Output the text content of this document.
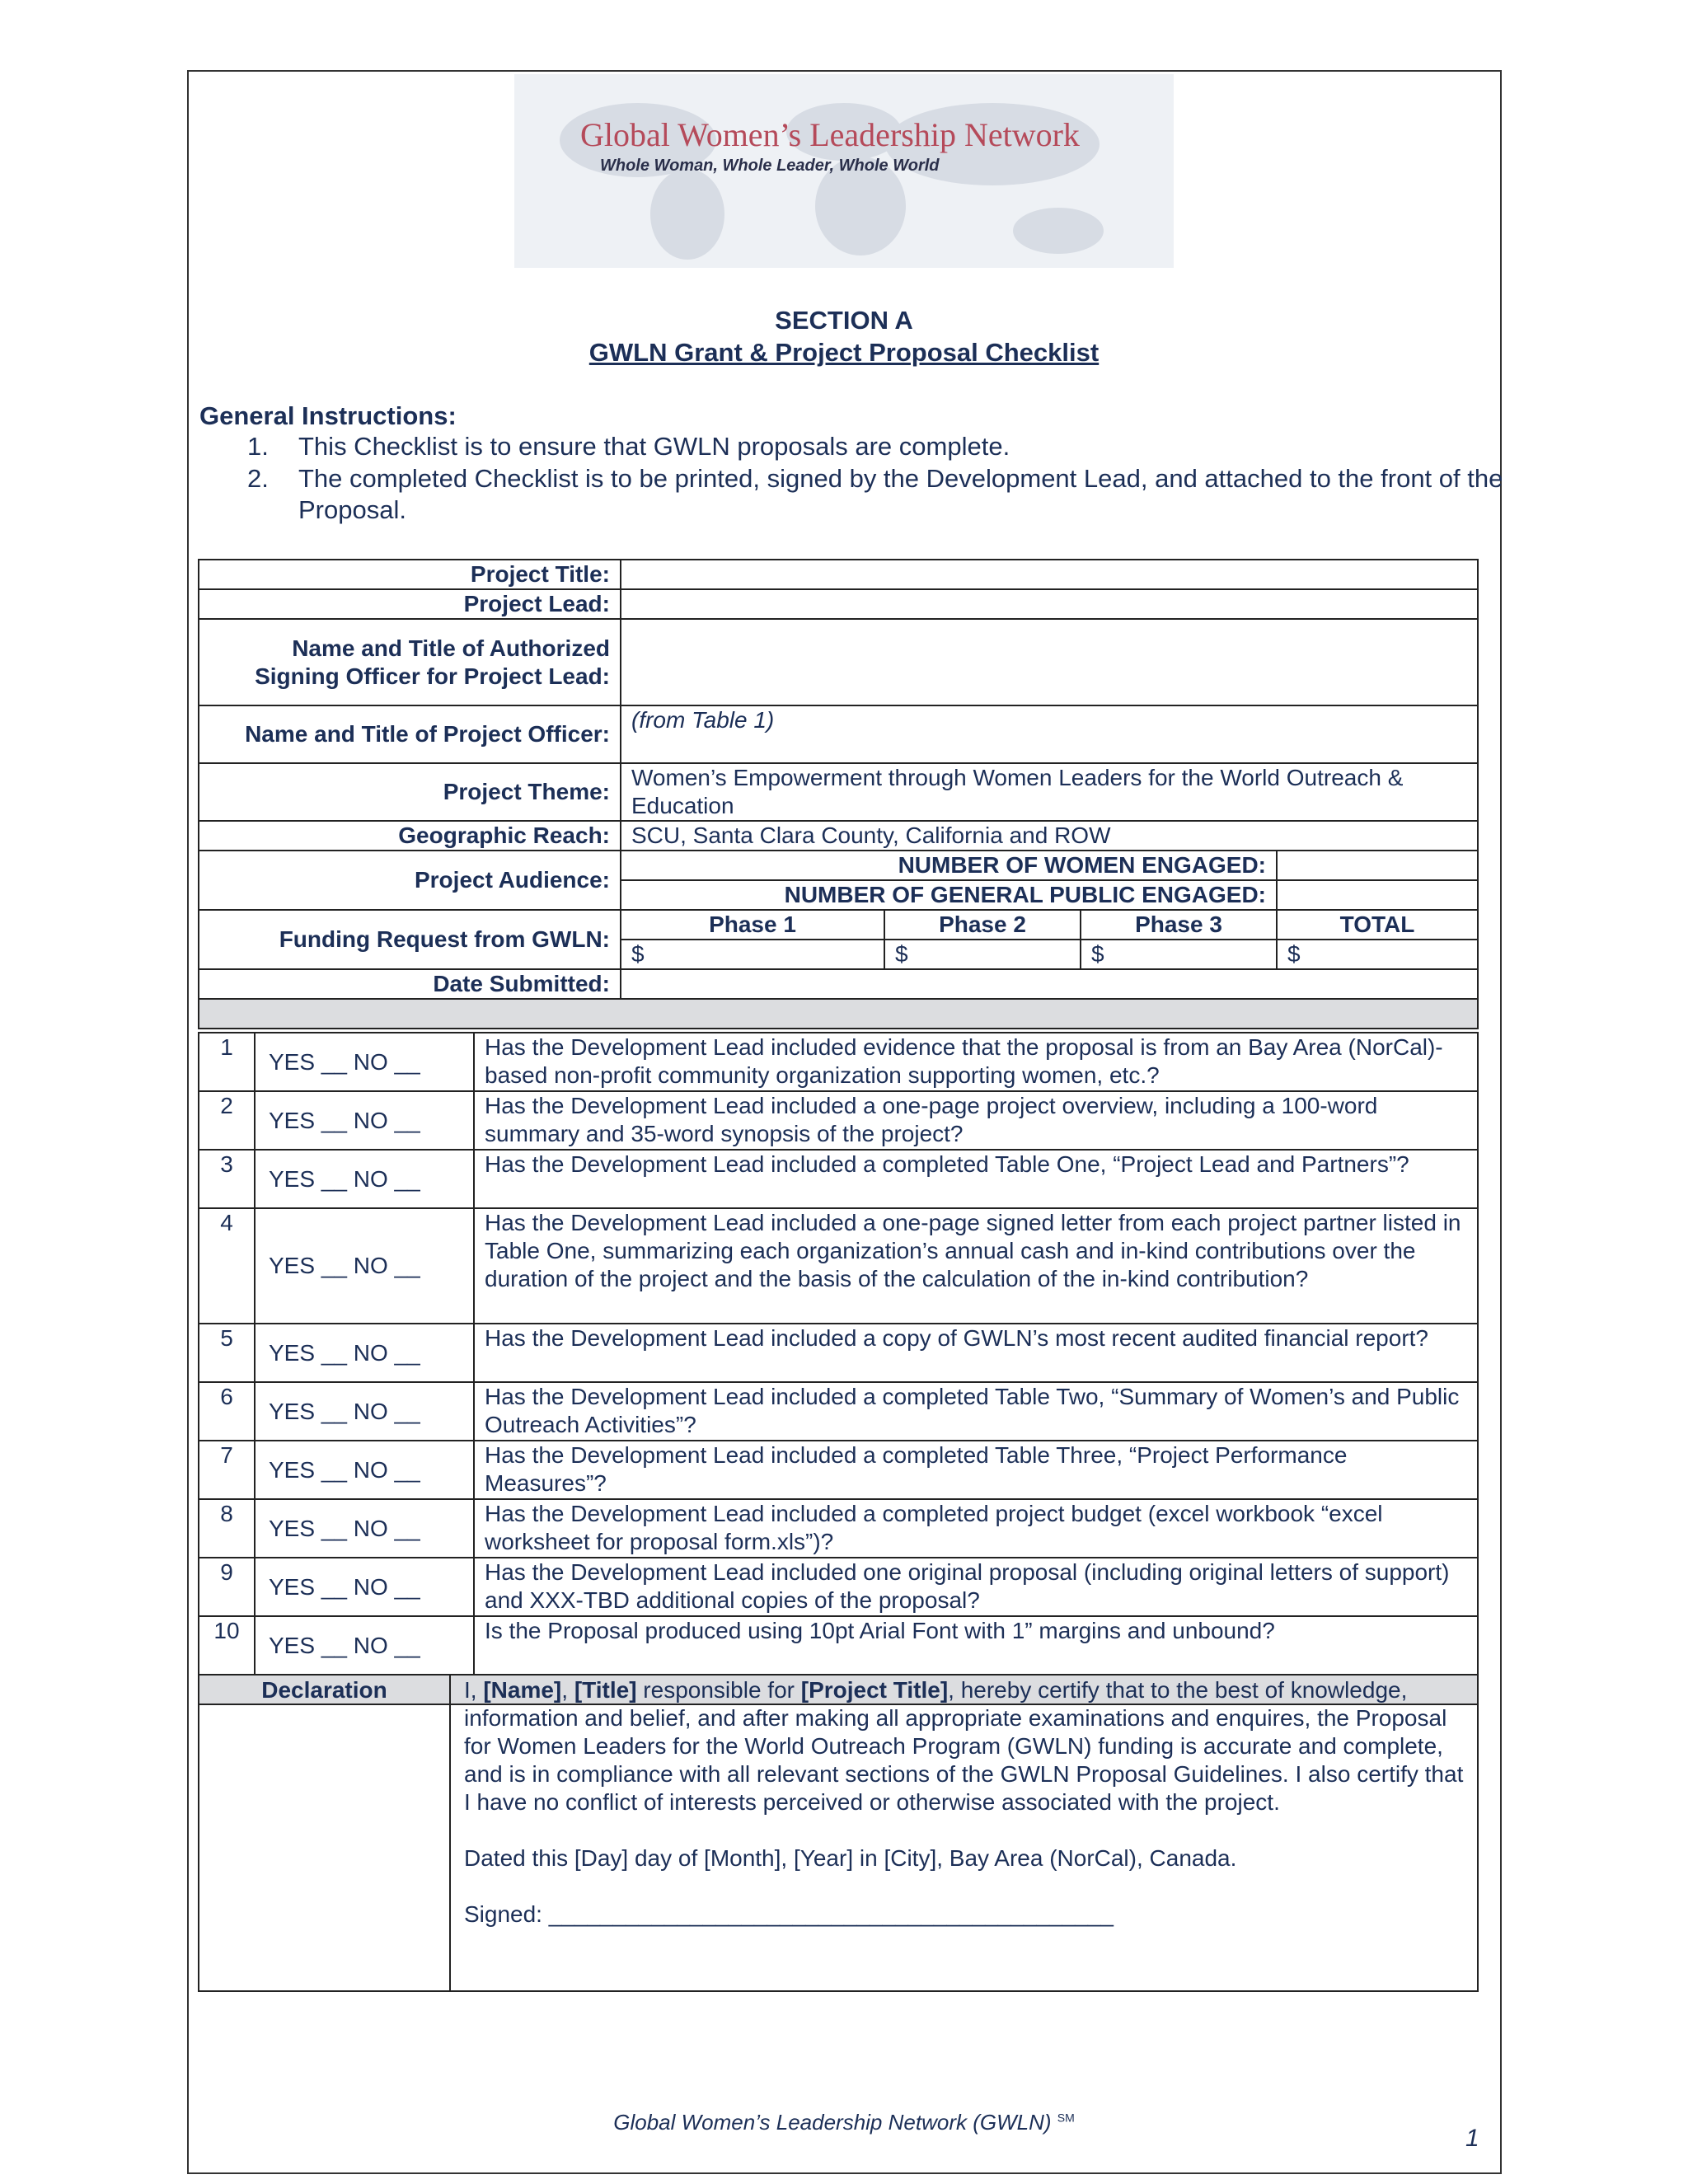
Global Women’s Leadership Network
Whole Woman, Whole Leader, Whole World
SECTION A
GWLN Grant & Project Proposal Checklist
General Instructions:
1. This Checklist is to ensure that GWLN proposals are complete.
2. The completed Checklist is to be printed, signed by the Development Lead, and attached to the front of the Proposal.
Project Title:				
Project Lead:				
Name and Title of Authorized Signing Officer for Project Lead:				
Name and Title of Project Officer:	(from Table 1)			
Project Theme:	Women’s Empowerment through Women Leaders for the World Outreach & Education			
Geographic Reach:	SCU, Santa Clara County, California and ROW			
Project Audience:	NUMBER OF WOMEN ENGAGED:			
	NUMBER OF GENERAL PUBLIC ENGAGED:			
Funding Request from GWLN:	Phase 1	Phase 2	Phase 3	TOTAL
	$	$	$	$
Date Submitted:				

1	YES __ NO __	Has the Development Lead included evidence that the proposal is from an Bay Area (NorCal)-based non-profit community organization supporting women, etc.?
2	YES __ NO __	Has the Development Lead included a one-page project overview, including a 100-word summary and 35-word synopsis of the project?
3	YES __ NO __	Has the Development Lead included a completed Table One, “Project Lead and Partners”?
4	YES __ NO __	Has the Development Lead included a one-page signed letter from each project partner listed in Table One, summarizing each organization’s annual cash and in-kind contributions over the duration of the project and the basis of the calculation of the in-kind contribution?
5	YES __ NO __	Has the Development Lead included a copy of GWLN’s most recent audited financial report?
6	YES __ NO __	Has the Development Lead included a completed Table Two, “Summary of Women’s and Public Outreach Activities”?
7	YES __ NO __	Has the Development Lead included a completed Table Three, “Project Performance Measures”?
8	YES __ NO __	Has the Development Lead included a completed project budget (excel workbook “excel worksheet for proposal form.xls”)?
9	YES __ NO __	Has the Development Lead included one original proposal (including original letters of support) and XXX-TBD additional copies of the proposal?
10	YES __ NO __	Is the Proposal produced using 10pt Arial Font with 1” margins and unbound?

Declaration	I, [Name], [Title] responsible for [Project Title], hereby certify that to the best of knowledge, information and belief, and after making all appropriate examinations and enquires, the Proposal for Women Leaders for the World Outreach Program (GWLN) funding is accurate and complete, and is in compliance with all relevant sections of the GWLN Proposal Guidelines. I also certify that I have no conflict of interests perceived or otherwise associated with the project.
Dated this [Day] day of [Month], [Year] in [City], Bay Area (NorCal), Canada.
Signed: ____________________________________________
Global Women’s Leadership Network (GWLN) ℠
1
